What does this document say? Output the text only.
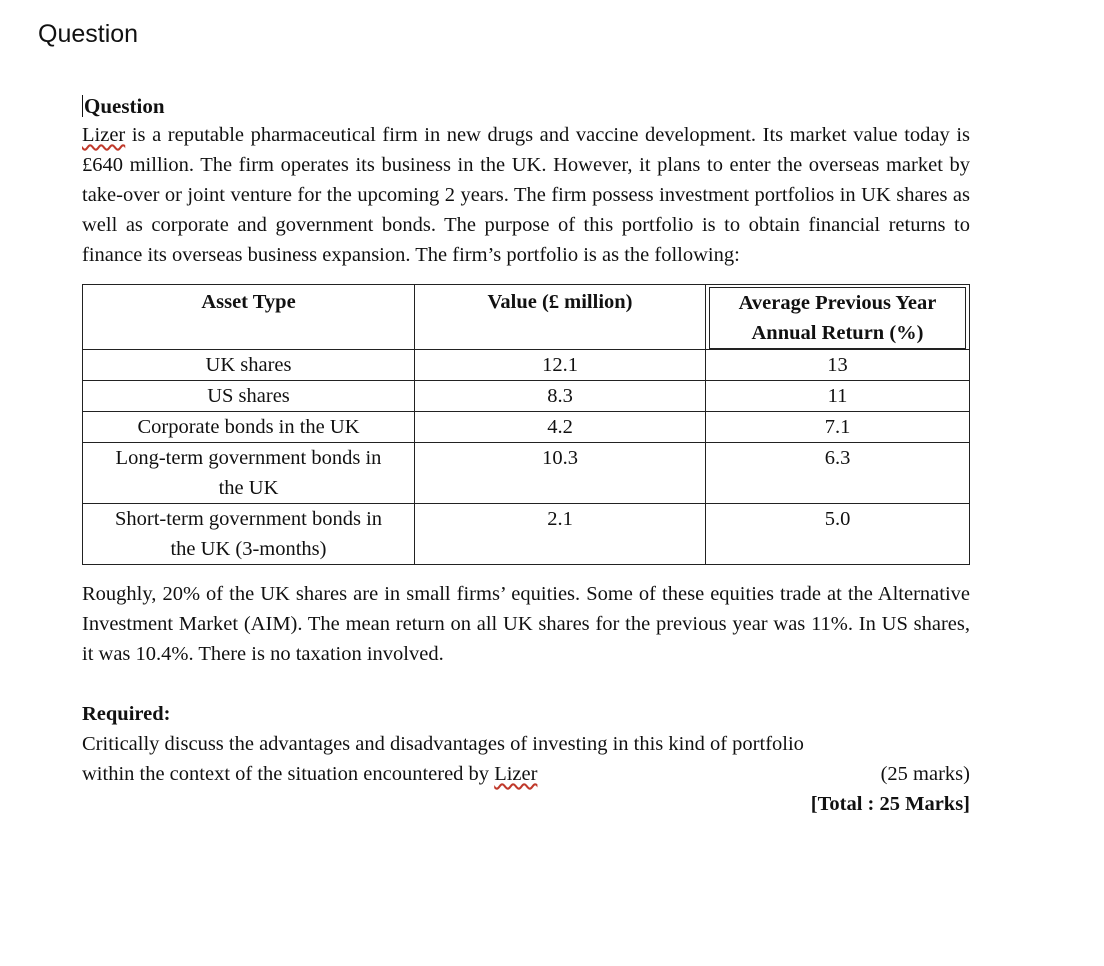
Question
Question
Lizer is a reputable pharmaceutical firm in new drugs and vaccine development. Its market value today is £640 million. The firm operates its business in the UK. However, it plans to enter the overseas market by take-over or joint venture for the upcoming 2 years. The firm possess investment portfolios in UK shares as well as corporate and government bonds. The purpose of this portfolio is to obtain financial returns to finance its overseas business expansion. The firm’s portfolio is as the following:
Asset Type	Value (£ million)	Average Previous Year Annual Return (%)

UK shares	12.1	13
US shares	8.3	11
Corporate bonds in the UK	4.2	7.1
Long-term government bonds in the UK	10.3	6.3
Short-term government bonds in the UK (3-months)	2.1	5.0
Roughly, 20% of the UK shares are in small firms’ equities. Some of these equities trade at the Alternative Investment Market (AIM). The mean return on all UK shares for the previous year was 11%. In US shares, it was 10.4%. There is no taxation involved.
Required:
Critically discuss the advantages and disadvantages of investing in this kind of portfolio
within the context of the situation encountered by Lizer	(25 marks)
[Total : 25 Marks]
